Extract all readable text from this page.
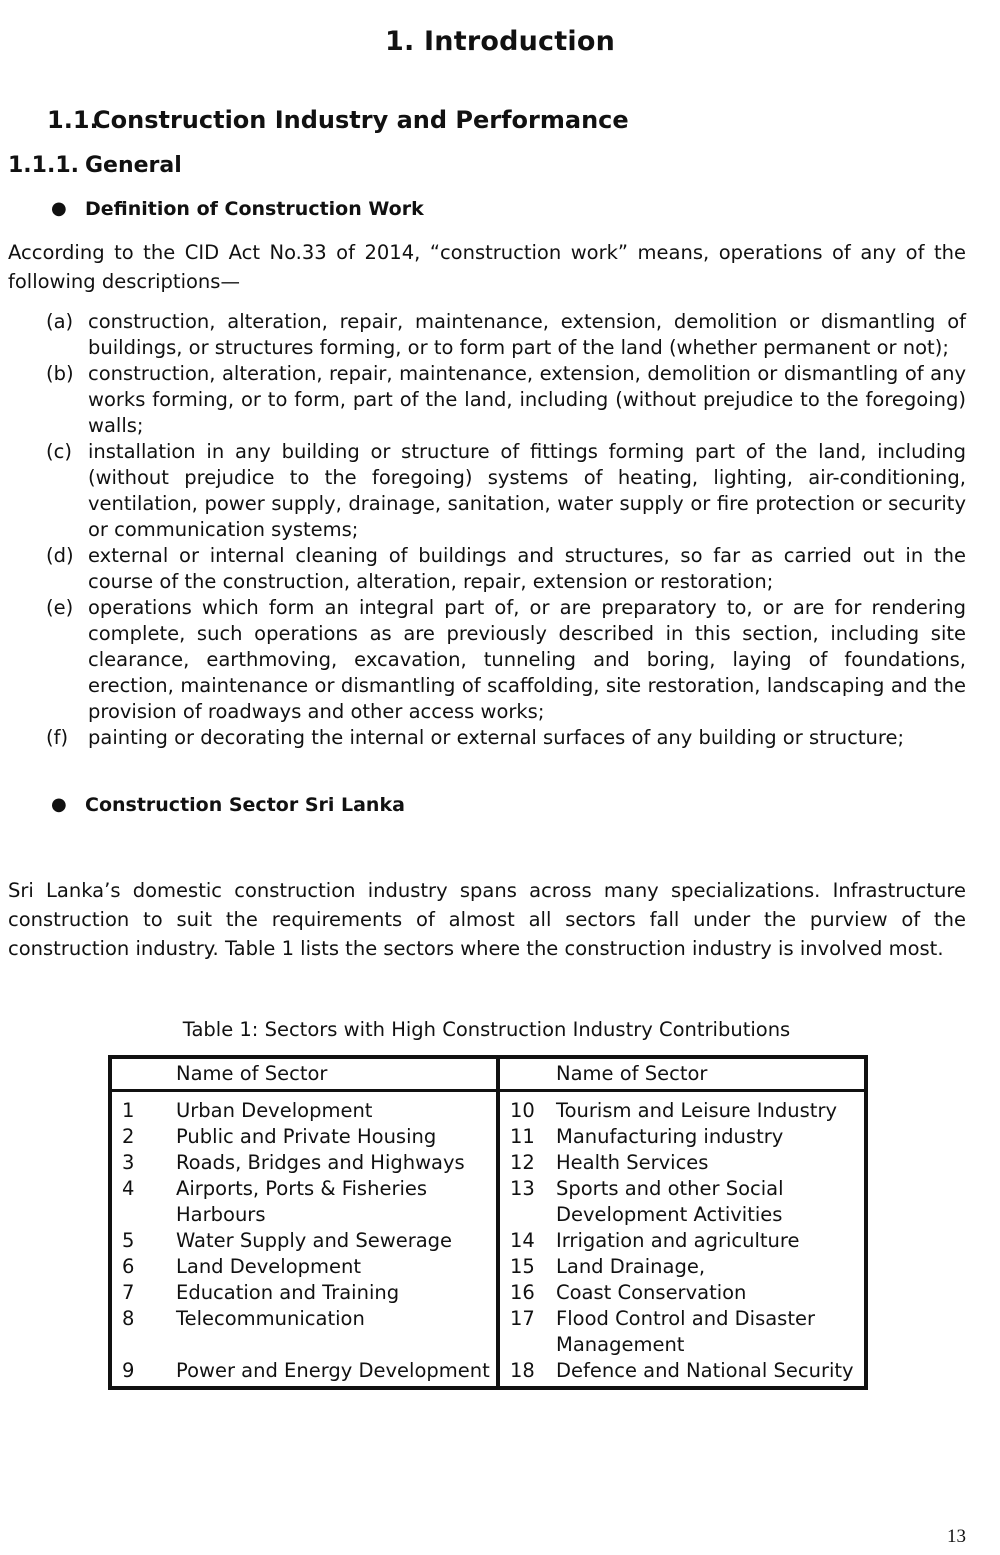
1. Introduction
1.1.Construction Industry and Performance
1.1.1. General
● Definition of Construction Work
According to the CID Act No.33 of 2014, “construction work” means, operations of any of the following descriptions—
(a) construction, alteration, repair, maintenance, extension, demolition or dismantling of buildings, or structures forming, or to form part of the land (whether permanent or not);
(b) construction, alteration, repair, maintenance, extension, demolition or dismantling of any works forming, or to form, part of the land, including (without prejudice to the foregoing) walls;
(c) installation in any building or structure of fittings forming part of the land, including (without prejudice to the foregoing) systems of heating, lighting, air-conditioning, ventilation, power supply, drainage, sanitation, water supply or fire protection or security or communication systems;
(d) external or internal cleaning of buildings and structures, so far as carried out in the course of the construction, alteration, repair, extension or restoration;
(e) operations which form an integral part of, or are preparatory to, or are for rendering complete, such operations as are previously described in this section, including site clearance, earthmoving, excavation, tunneling and boring, laying of foundations, erection, maintenance or dismantling of scaffolding, site restoration, landscaping and the provision of roadways and other access works;
(f) painting or decorating the internal or external surfaces of any building or structure;
● Construction Sector Sri Lanka
Sri Lanka’s domestic construction industry spans across many specializations. Infrastructure construction to suit the requirements of almost all sectors fall under the purview of the construction industry. Table 1 lists the sectors where the construction industry is involved most.
Table 1: Sectors with High Construction Industry Contributions
	Name of Sector		Name of Sector
1	Urban Development	10	Tourism and Leisure Industry
2	Public and Private Housing	11	Manufacturing industry
3	Roads, Bridges and Highways	12	Health Services
4	Airports, Ports & Fisheries Harbours	13	Sports and other Social Development Activities
5	Water Supply and Sewerage	14	Irrigation and agriculture
6	Land Development	15	Land Drainage,
7	Education and Training	16	Coast Conservation
8	Telecommunication	17	Flood Control and Disaster Management
9	Power and Energy Development	18	Defence and National Security
13
